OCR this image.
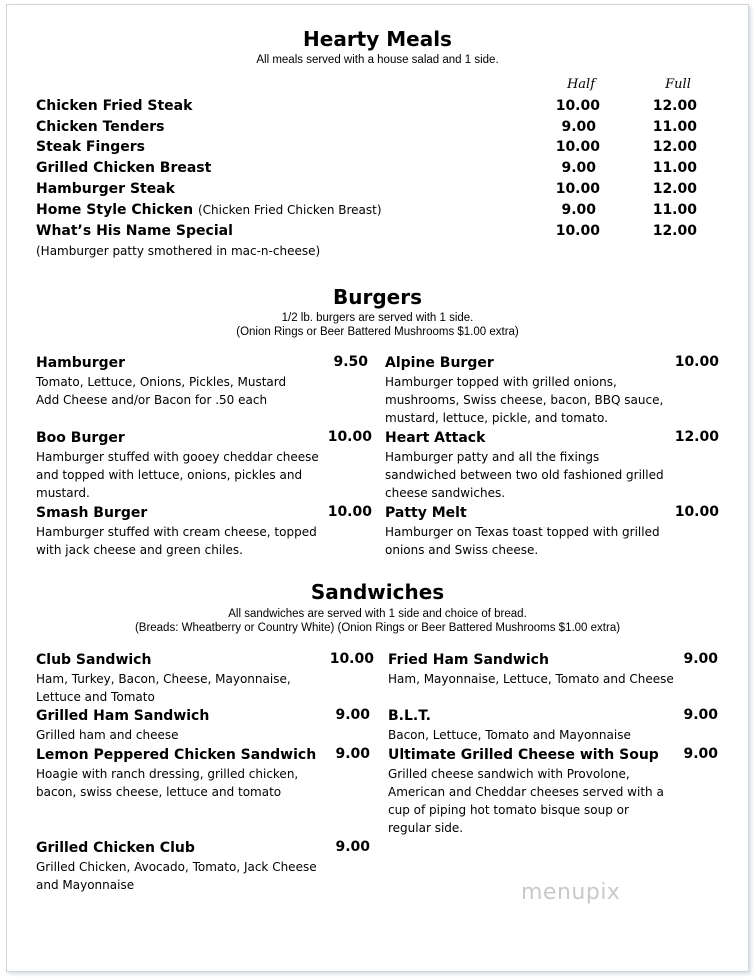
Hearty Meals
All meals served with a house salad and 1 side.
Half	Full
Chicken Fried Steak	10.00	12.00
Chicken Tenders	9.00	11.00
Steak Fingers	10.00	12.00
Grilled Chicken Breast	9.00	11.00
Hamburger Steak	10.00	12.00
Home Style Chicken (Chicken Fried Chicken Breast)	9.00	11.00
What’s His Name Special	10.00	12.00
(Hamburger patty smothered in mac-n-cheese)
Burgers
1/2 lb. burgers are served with 1 side.
(Onion Rings or Beer Battered Mushrooms $1.00 extra)
Hamburger
Tomato, Lettuce, Onions, Pickles, Mustard Add Cheese and/or Bacon for .50 each
9.50
Boo Burger
Hamburger stuffed with gooey cheddar cheese and topped with lettuce, onions, pickles and mustard.
10.00
Smash Burger
Hamburger stuffed with cream cheese, topped with jack cheese and green chiles.
10.00
Alpine Burger
Hamburger topped with grilled onions, mushrooms, Swiss cheese, bacon, BBQ sauce, mustard, lettuce, pickle, and tomato.
10.00
Heart Attack
Hamburger patty and all the fixings sandwiched between two old fashioned grilled cheese sandwiches.
12.00
Patty Melt
Hamburger on Texas toast topped with grilled onions and Swiss cheese.
10.00
Sandwiches
All sandwiches are served with 1 side and choice of bread.
(Breads: Wheatberry or Country White) (Onion Rings or Beer Battered Mushrooms $1.00 extra)
Club Sandwich
Ham, Turkey, Bacon, Cheese, Mayonnaise, Lettuce and Tomato
10.00
Grilled Ham Sandwich
Grilled ham and cheese
9.00
Lemon Peppered Chicken Sandwich
Hoagie with ranch dressing, grilled chicken, bacon, swiss cheese, lettuce and tomato
9.00
Grilled Chicken Club
Grilled Chicken, Avocado, Tomato, Jack Cheese and Mayonnaise
9.00
Fried Ham Sandwich
Ham, Mayonnaise, Lettuce, Tomato and Cheese
9.00
B.L.T.
Bacon, Lettuce, Tomato and Mayonnaise
9.00
Ultimate Grilled Cheese with Soup
Grilled cheese sandwich with Provolone, American and Cheddar cheeses served with a cup of piping hot tomato bisque soup or regular side.
9.00
menupix
